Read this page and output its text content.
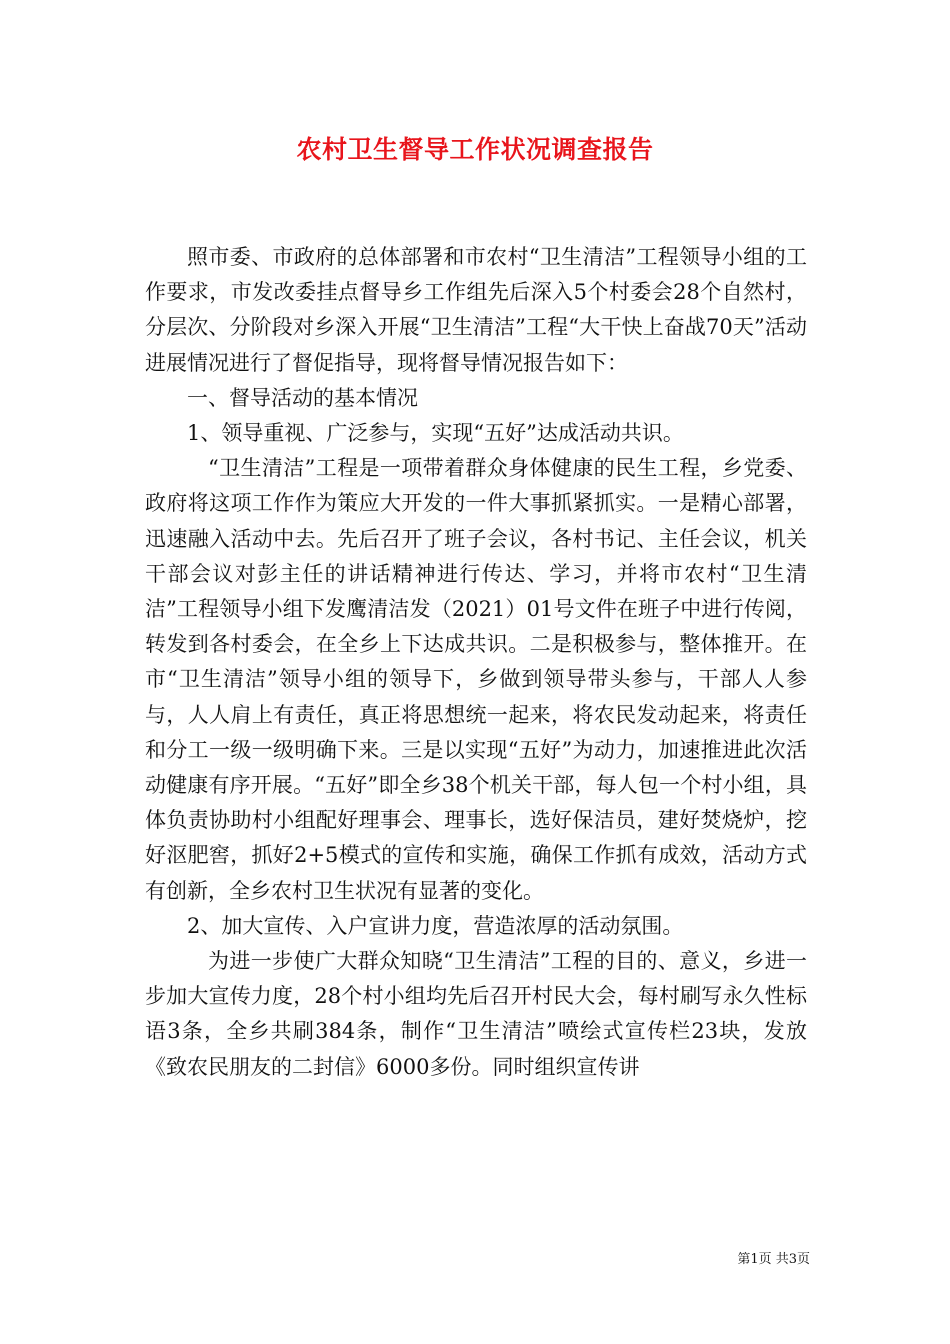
农村卫生督导工作状况调查报告

照市委、市政府的总体部署和市农村“卫生清洁”工程领导小组的工作要求，市发改委挂点督导乡工作组先后深入5个村委会28个自然村，分层次、分阶段对乡深入开展“卫生清洁”工程“大干快上奋战70天”活动进展情况进行了督促指导，现将督导情况报告如下：

一、督导活动的基本情况

1、领导重视、广泛参与，实现“五好”达成活动共识。

“卫生清洁”工程是一项带着群众身体健康的民生工程，乡党委、政府将这项工作作为策应大开发的一件大事抓紧抓实。一是精心部署，迅速融入活动中去。先后召开了班子会议，各村书记、主任会议，机关干部会议对彭主任的讲话精神进行传达、学习，并将市农村“卫生清洁”工程领导小组下发鹰清洁发（2021）01号文件在班子中进行传阅，转发到各村委会，在全乡上下达成共识。二是积极参与，整体推开。在市“卫生清洁”领导小组的领导下，乡做到领导带头参与，干部人人参与，人人肩上有责任，真正将思想统一起来，将农民发动起来，将责任和分工一级一级明确下来。三是以实现“五好”为动力，加速推进此次活动健康有序开展。“五好”即全乡38个机关干部，每人包一个村小组，具体负责协助村小组配好理事会、理事长，选好保洁员，建好焚烧炉，挖好沤肥窖，抓好2+5模式的宣传和实施，确保工作抓有成效，活动方式有创新，全乡农村卫生状况有显著的变化。

2、加大宣传、入户宣讲力度，营造浓厚的活动氛围。

为进一步使广大群众知晓“卫生清洁”工程的目的、意义，乡进一步加大宣传力度，28个村小组均先后召开村民大会，每村刷写永久性标语3条，全乡共刷384条，制作“卫生清洁”喷绘式宣传栏23块，发放《致农民朋友的二封信》6000多份。同时组织宣传讲

第1页 共3页
